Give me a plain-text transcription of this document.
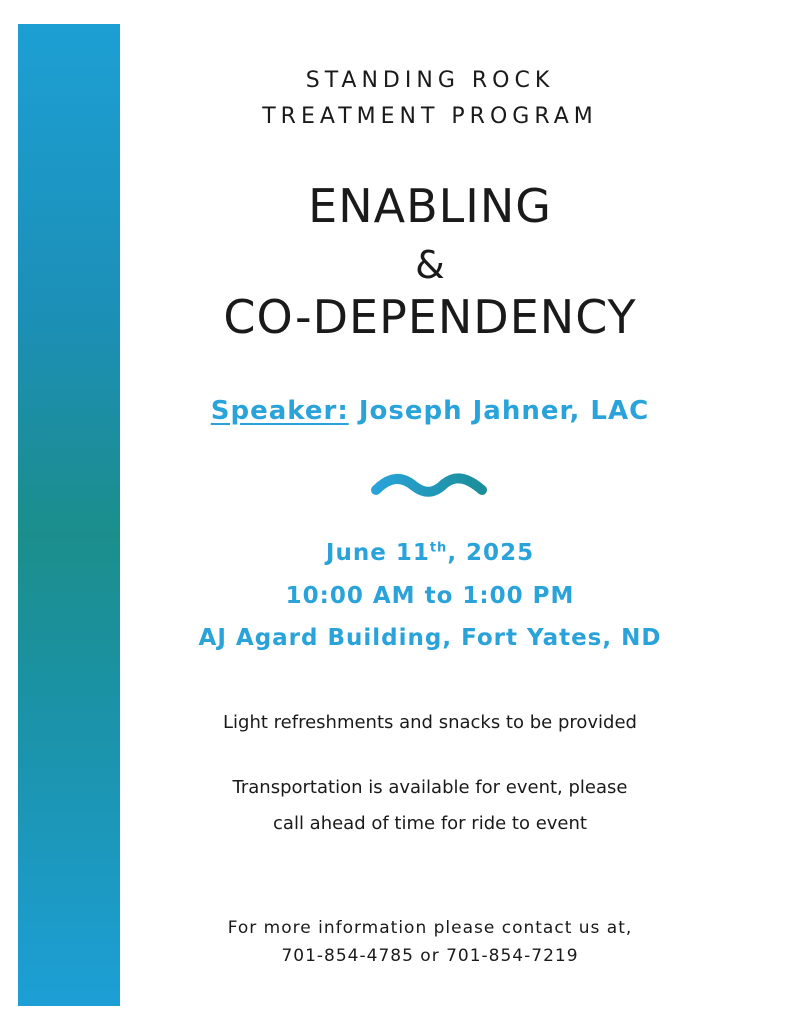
STANDING ROCK
TREATMENT PROGRAM
ENABLING
&
CO-DEPENDENCY
Speaker: Joseph Jahner, LAC
June 11th, 2025
10:00 AM to 1:00 PM
AJ Agard Building, Fort Yates, ND
Light refreshments and snacks to be provided
Transportation is available for event, please
call ahead of time for ride to event
For more information please contact us at,
701-854-4785 or 701-854-7219
